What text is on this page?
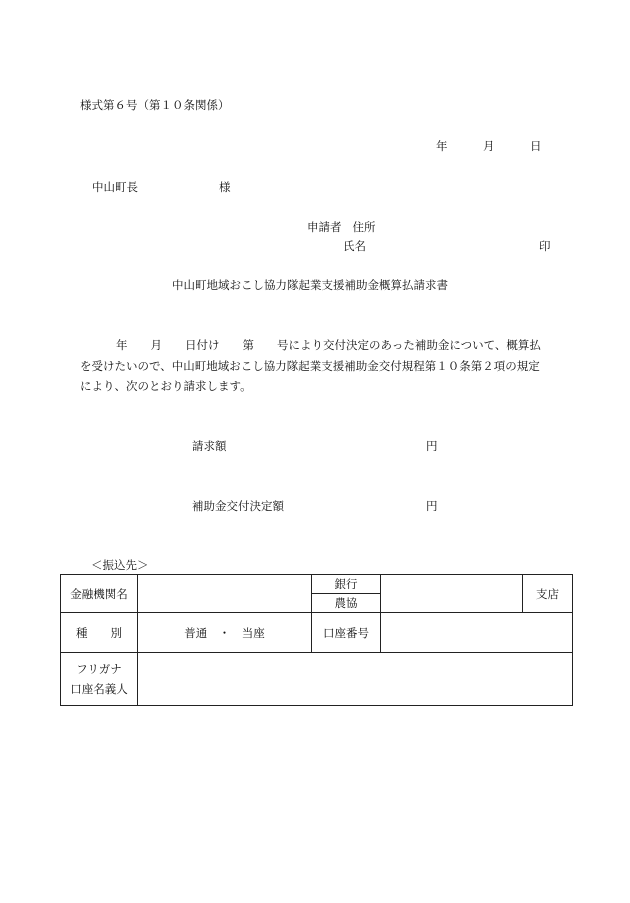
様式第６号（第１０条関係）
年	月	日
中山町長	様
申請者 住所
氏名	印
中山町地域おこし協力隊起業支援補助金概算払請求書
年　　月　　日付け　　第　　号により交付決定のあった補助金について、概算払
を受けたいので、中山町地域おこし協力隊起業支援補助金交付規程第１０条第２項の規定
により、次のとおり請求します。
請求額	円
補助金交付決定額	円
＜振込先＞
金融機関名		銀行		支店
		農協		
種　　別	普通　・　当座	口座番号		

フリガナ
口座名義人				
